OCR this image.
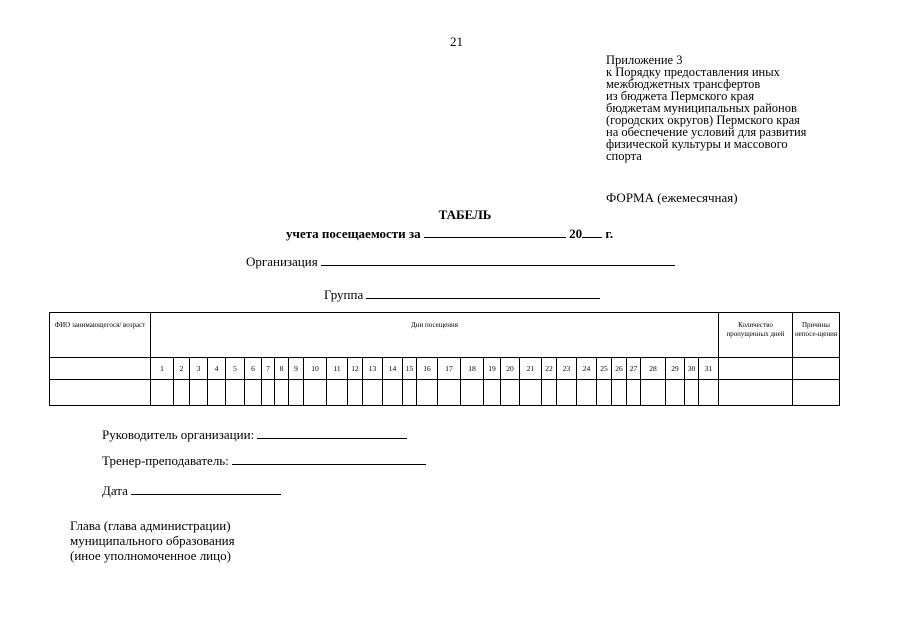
21
Приложение 3
к Порядку предоставления иных
межбюджетных трансфертов
из бюджета Пермского края
бюджетам муниципальных районов
(городских округов) Пермского края
на обеспечение условий для развития
физической культуры и массового
спорта
ФОРМА (ежемесячная)
ТАБЕЛЬ
учета посещаемости за	20 г.
Организация
Группа
ФИО занимающегося/ возраст	Дни посещения																															Количество пропущенных дней	Причины непосе-щения
	1	2	3	4	5	6	7	8	9	10	11	12	13	14	15	16	17	18	19	20	21	22	23	24	25	26	27	28	29	30	31		

Руководитель организации:
Тренер-преподаватель:
Дата
Глава (глава администрации)
муниципального образования
(иное уполномоченное лицо)
